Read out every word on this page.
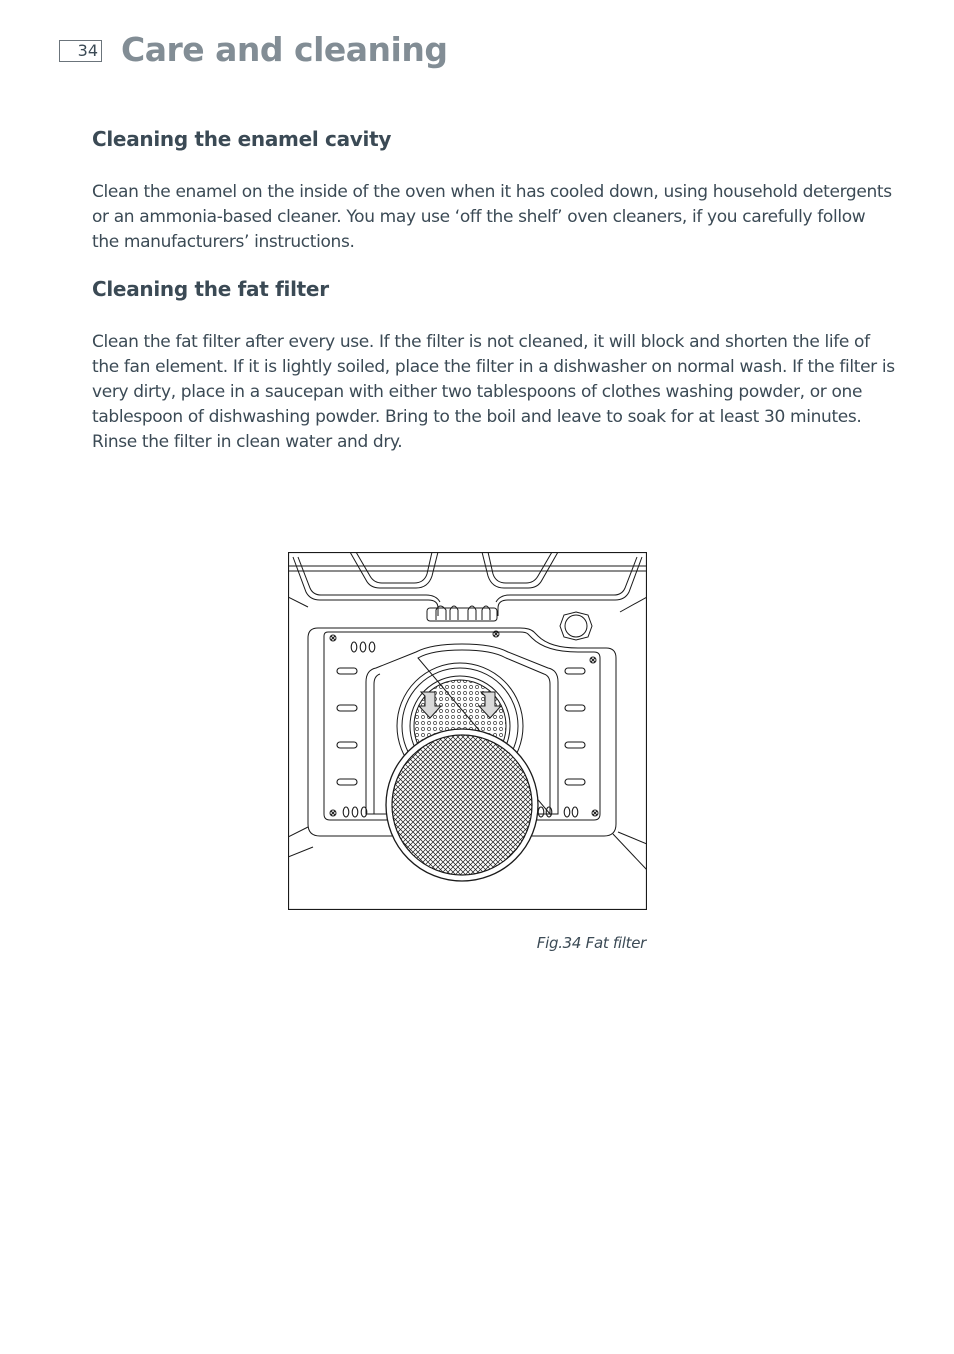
34 Care and cleaning
Cleaning the enamel cavity

Clean the enamel on the inside of the oven when it has cooled down, using household detergents or an ammonia-based cleaner. You may use ‘off the shelf’ oven cleaners, if you carefully follow the manufacturers’ instructions.

Cleaning the fat filter

Clean the fat filter after every use. If the filter is not cleaned, it will block and shorten the life of the fan element. If it is lightly soiled, place the filter in a dishwasher on normal wash. If the filter is very dirty, place in a saucepan with either two tablespoons of clothes washing powder, or one tablespoon of dishwashing powder. Bring to the boil and leave to soak for at least 30 minutes. Rinse the filter in clean water and dry.

Fig.34 Fat filter
